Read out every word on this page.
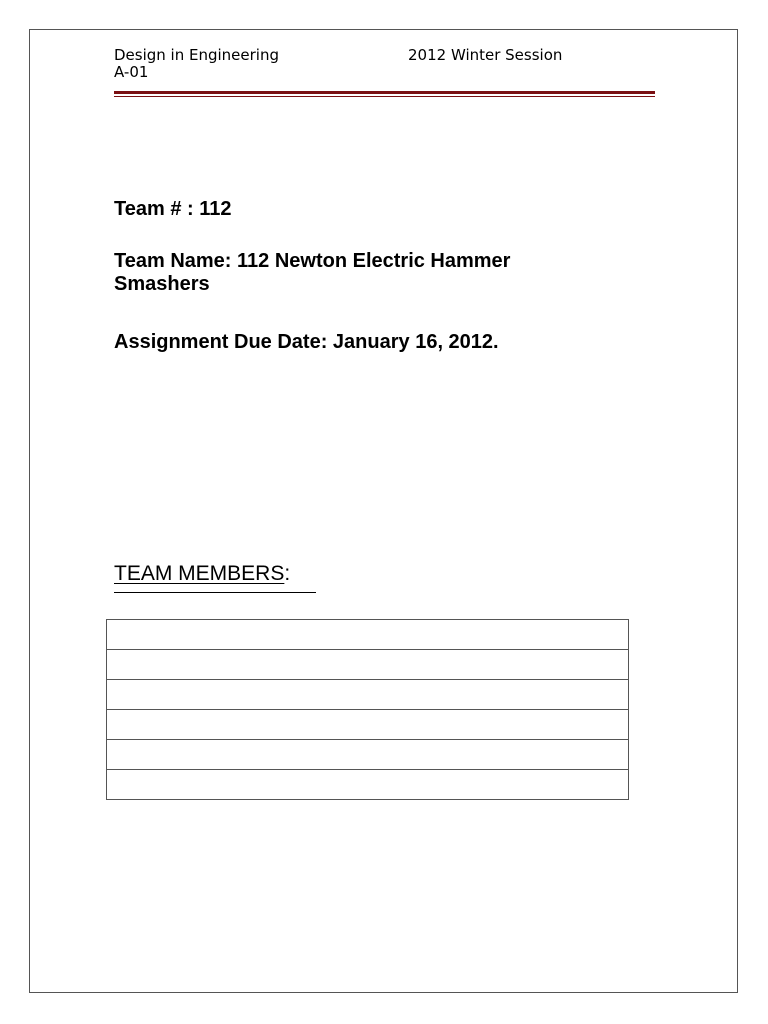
Design in Engineering	2012 Winter Session
A-01
Team # : 112
Team Name: 112 Newton Electric Hammer Smashers
Assignment Due Date: January 16, 2012.
TEAM MEMBERS:
